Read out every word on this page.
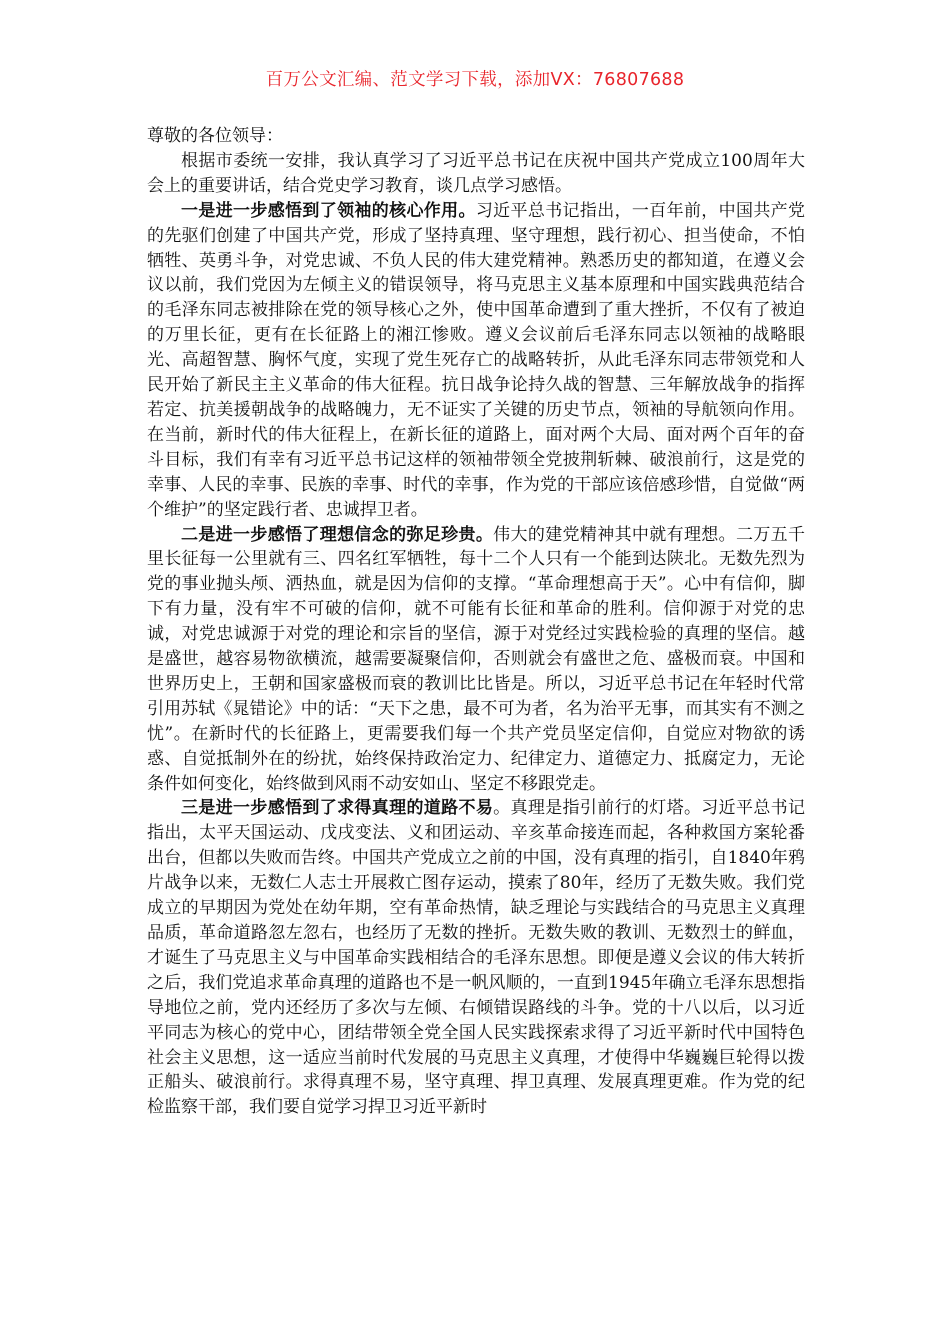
百万公文汇编、范文学习下载，添加VX：76807688

尊敬的各位领导：

根据市委统一安排，我认真学习了习近平总书记在庆祝中国共产党成立100周年大会上的重要讲话，结合党史学习教育，谈几点学习感悟。

一是进一步感悟到了领袖的核心作用。习近平总书记指出，一百年前，中国共产党的先驱们创建了中国共产党，形成了坚持真理、坚守理想，践行初心、担当使命，不怕牺牲、英勇斗争，对党忠诚、不负人民的伟大建党精神。熟悉历史的都知道，在遵义会议以前，我们党因为左倾主义的错误领导，将马克思主义基本原理和中国实践典范结合的毛泽东同志被排除在党的领导核心之外，使中国革命遭到了重大挫折，不仅有了被迫的万里长征，更有在长征路上的湘江惨败。遵义会议前后毛泽东同志以领袖的战略眼光、高超智慧、胸怀气度，实现了党生死存亡的战略转折，从此毛泽东同志带领党和人民开始了新民主主义革命的伟大征程。抗日战争论持久战的智慧、三年解放战争的指挥若定、抗美援朝战争的战略魄力，无不证实了关键的历史节点，领袖的导航领向作用。在当前，新时代的伟大征程上，在新长征的道路上，面对两个大局、面对两个百年的奋斗目标，我们有幸有习近平总书记这样的领袖带领全党披荆斩棘、破浪前行，这是党的幸事、人民的幸事、民族的幸事、时代的幸事，作为党的干部应该倍感珍惜，自觉做“两个维护”的坚定践行者、忠诚捍卫者。

二是进一步感悟了理想信念的弥足珍贵。伟大的建党精神其中就有理想。二万五千里长征每一公里就有三、四名红军牺牲，每十二个人只有一个能到达陕北。无数先烈为党的事业抛头颅、洒热血，就是因为信仰的支撑。“革命理想高于天”。心中有信仰，脚下有力量，没有牢不可破的信仰，就不可能有长征和革命的胜利。信仰源于对党的忠诚，对党忠诚源于对党的理论和宗旨的坚信，源于对党经过实践检验的真理的坚信。越是盛世，越容易物欲横流，越需要凝聚信仰，否则就会有盛世之危、盛极而衰。中国和世界历史上，王朝和国家盛极而衰的教训比比皆是。所以，习近平总书记在年轻时代常引用苏轼《晁错论》中的话：“天下之患，最不可为者，名为治平无事，而其实有不测之忧”。在新时代的长征路上，更需要我们每一个共产党员坚定信仰，自觉应对物欲的诱惑、自觉抵制外在的纷扰，始终保持政治定力、纪律定力、道德定力、抵腐定力，无论条件如何变化，始终做到风雨不动安如山、坚定不移跟党走。

三是进一步感悟到了求得真理的道路不易。真理是指引前行的灯塔。习近平总书记指出，太平天国运动、戊戌变法、义和团运动、辛亥革命接连而起，各种救国方案轮番出台，但都以失败而告终。中国共产党成立之前的中国，没有真理的指引，自1840年鸦片战争以来，无数仁人志士开展救亡图存运动，摸索了80年，经历了无数失败。我们党成立的早期因为党处在幼年期，空有革命热情，缺乏理论与实践结合的马克思主义真理品质，革命道路忽左忽右，也经历了无数的挫折。无数失败的教训、无数烈士的鲜血，才诞生了马克思主义与中国革命实践相结合的毛泽东思想。即便是遵义会议的伟大转折之后，我们党追求革命真理的道路也不是一帆风顺的，一直到1945年确立毛泽东思想指导地位之前，党内还经历了多次与左倾、右倾错误路线的斗争。党的十八以后，以习近平同志为核心的党中心，团结带领全党全国人民实践探索求得了习近平新时代中国特色社会主义思想，这一适应当前时代发展的马克思主义真理，才使得中华巍巍巨轮得以拨正船头、破浪前行。求得真理不易，坚守真理、捍卫真理、发展真理更难。作为党的纪检监察干部，我们要自觉学习捍卫习近平新时
